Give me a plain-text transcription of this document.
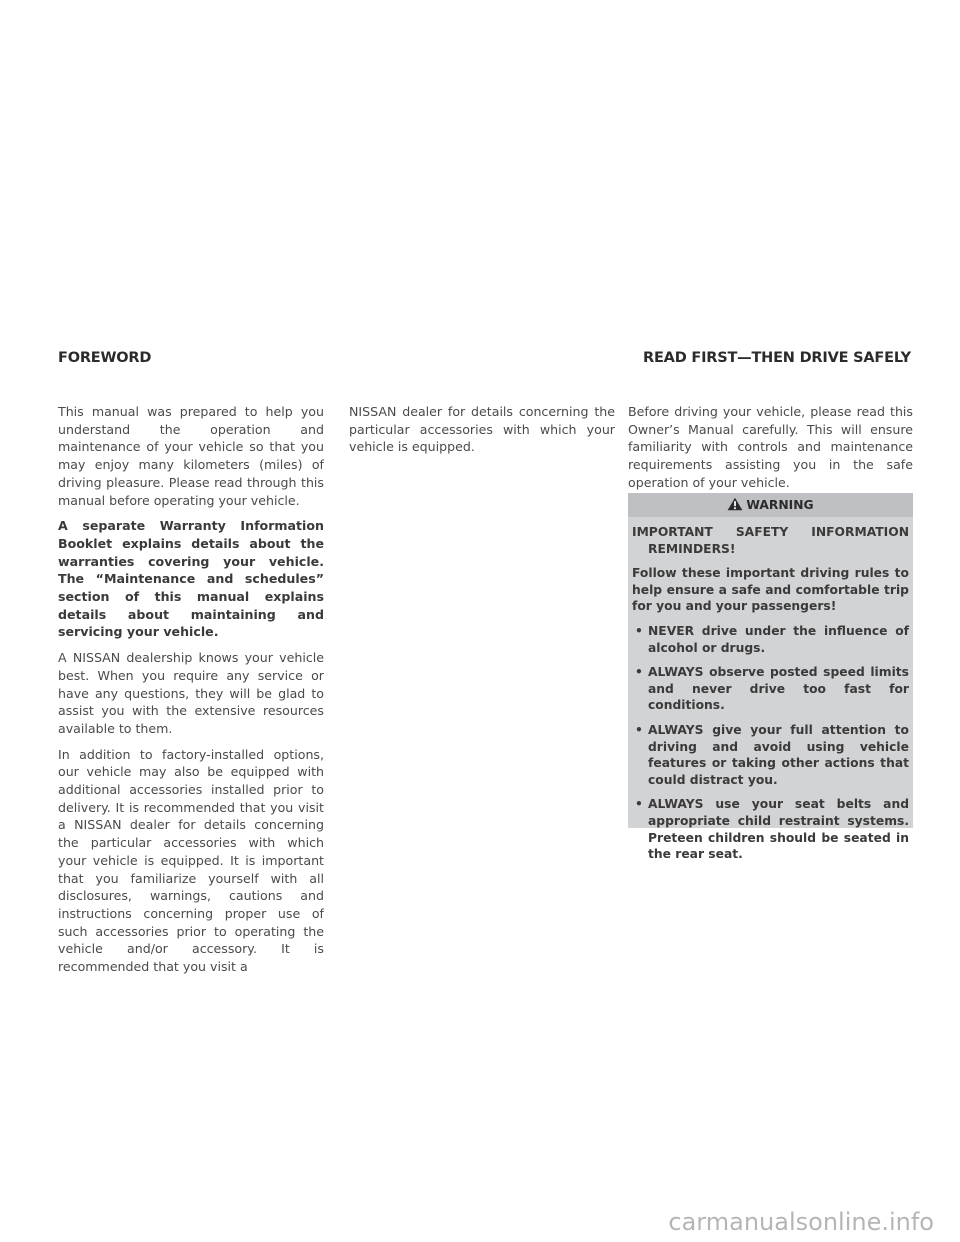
FOREWORD	READ FIRST—THEN DRIVE SAFELY

This manual was prepared to help you understand the operation and maintenance of your vehicle so that you may enjoy many kilometers (miles) of driving pleasure. Please read through this manual before operating your vehicle.

A separate Warranty Information Booklet explains details about the warranties covering your vehicle. The “Maintenance and schedules” section of this manual explains details about maintaining and servicing your vehicle.

A NISSAN dealership knows your vehicle best. When you require any service or have any questions, they will be glad to assist you with the extensive resources available to them.

In addition to factory-installed options, our vehicle may also be equipped with additional accessories installed prior to delivery. It is recommended that you visit a NISSAN dealer for details concerning the particular accessories with which your vehicle is equipped. It is important that you familiarize yourself with all disclosures, warnings, cautions and instructions concerning proper use of such accessories prior to operating the vehicle and/or accessory. It is recommended that you visit a

NISSAN dealer for details concerning the particular accessories with which your vehicle is equipped.

Before driving your vehicle, please read this Owner’s Manual carefully. This will ensure familiarity with controls and maintenance requirements assisting you in the safe operation of your vehicle.

WARNING

IMPORTANT SAFETY INFORMATION REMINDERS!

Follow these important driving rules to help ensure a safe and comfortable trip for you and your passengers!

• NEVER drive under the influence of alcohol or drugs.
• ALWAYS observe posted speed limits and never drive too fast for conditions.
• ALWAYS give your full attention to driving and avoid using vehicle features or taking other actions that could distract you.
• ALWAYS use your seat belts and appropriate child restraint systems. Preteen children should be seated in the rear seat.
carmanualsonline.info
